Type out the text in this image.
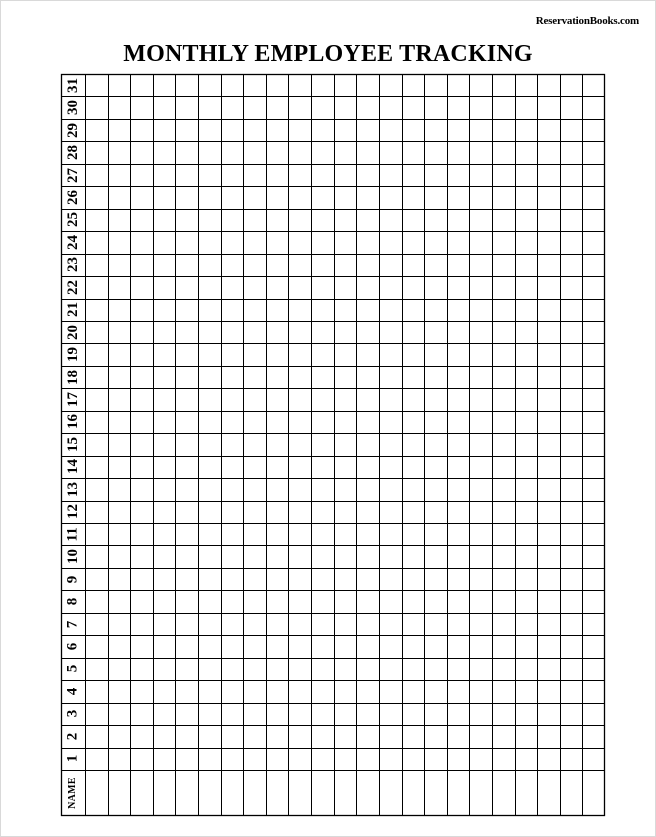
ReservationBooks.com
MONTHLY EMPLOYEE TRACKING
31
30
29
28
27
26
25
24
23
22
21
20
19
18
17
16
15
14
13
12
11
10
9
8
7
6
5
4
3
2
1
NAME
